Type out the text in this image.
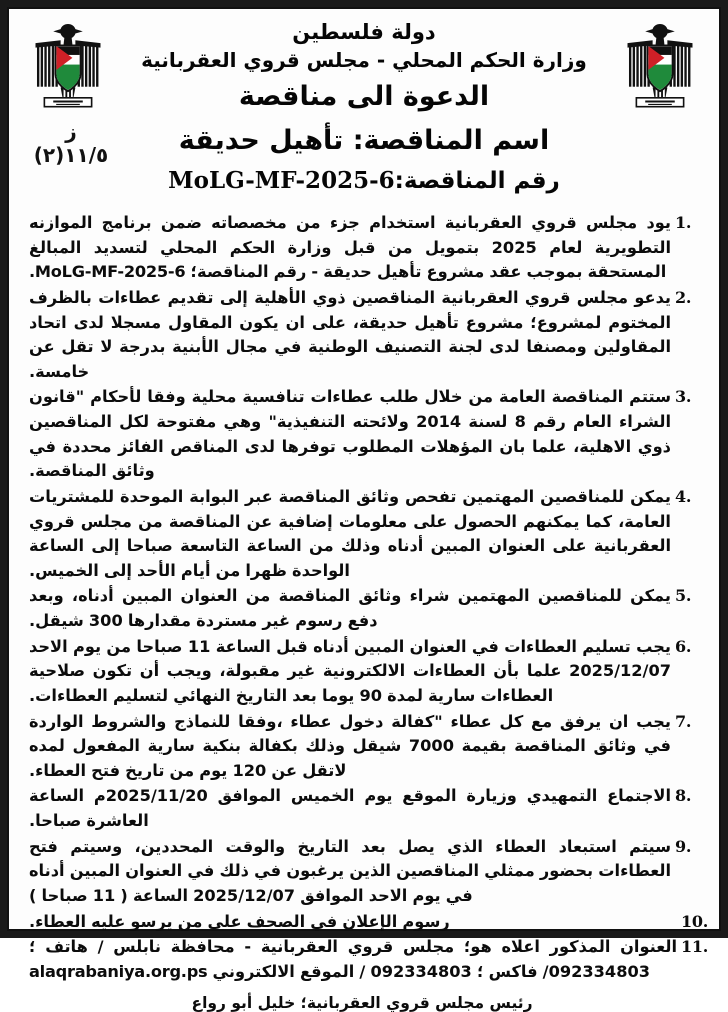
ز ١١/٥(٢)
دولة فلسطين
وزارة الحكم المحلي - مجلس قروي العقربانية
الدعوة الى مناقصة
اسم المناقصة: تأهيل حديقة
رقم المناقصة:MoLG-MF-2025-6
يود مجلس قروي العقربانية استخدام جزء من مخصصاته ضمن برنامج الموازنه التطويرية لعام 2025 بتمويل من قبل وزارة الحكم المحلي لتسديد المبالغ المستحقة بموجب عقد مشروع تأهيل حديقة - رقم المناقصة؛ MoLG-MF-2025-6.
يدعو مجلس قروي العقربانية المناقصين ذوي الأهلية إلى تقديم عطاءات بالظرف المختوم لمشروع؛ مشروع تأهيل حديقة، على ان يكون المقاول مسجلا لدى اتحاد المقاولين ومصنفا لدى لجنة التصنيف الوطنية في مجال الأبنية بدرجة لا تقل عن خامسة.
ستتم المناقصة العامة من خلال طلب عطاءات تنافسية محلية وفقا لأحكام "قانون الشراء العام رقم 8 لسنة 2014 ولائحته التنفيذية" وهي مفتوحة لكل المناقصين ذوي الاهلية، علما بان المؤهلات المطلوب توفرها لدى المناقص الفائز محددة في وثائق المناقصة.
يمكن للمناقصين المهتمين تفحص وثائق المناقصة عبر البوابة الموحدة للمشتريات العامة، كما يمكنهم الحصول على معلومات إضافية عن المناقصة من مجلس قروي العقربانية على العنوان المبين أدناه وذلك من الساعة التاسعة صباحا إلى الساعة الواحدة ظهرا من أيام الأحد إلى الخميس.
يمكن للمناقصين المهتمين شراء وثائق المناقصة من العنوان المبين أدناه، وبعد دفع رسوم غير مستردة مقدارها 300 شيقل.
يجب تسليم العطاءات في العنوان المبين أدناه قبل الساعة 11 صباحا من يوم الاحد 2025/12/07 علما بأن العطاءات الالكترونية غير مقبولة، ويجب أن تكون صلاحية العطاءات سارية لمدة 90 يوما بعد التاريخ النهائي لتسليم العطاءات.
يجب ان يرفق مع كل عطاء "كفالة دخول عطاء ،وفقا للنماذج والشروط الواردة في وثائق المناقصة بقيمة 7000 شيقل وذلك بكفالة بنكية سارية المفعول لمده لاتقل عن 120 يوم من تاريخ فتح العطاء.
الاجتماع التمهيدي وزيارة الموقع يوم الخميس الموافق 2025/11/20م الساعة العاشرة صباحا.
سيتم استبعاد العطاء الذي يصل بعد التاريخ والوقت المحددين، وسيتم فتح العطاءات بحضور ممثلي المناقصين الذين يرغبون في ذلك في العنوان المبين أدناه في يوم الاحد الموافق 2025/12/07 الساعة ( 11 صباحا )
رسوم الإعلان في الصحف على من يرسو عليه العطاء.
العنوان المذكور اعلاه هو؛ مجلس قروي العقربانية - محافظة نابلس / هاتف ؛ 092334803/ فاكس ؛ 092334803 / الموقع الالكتروني alaqrabaniya.org.ps
رئيس مجلس قروي العقربانية؛ خليل أبو رواع
